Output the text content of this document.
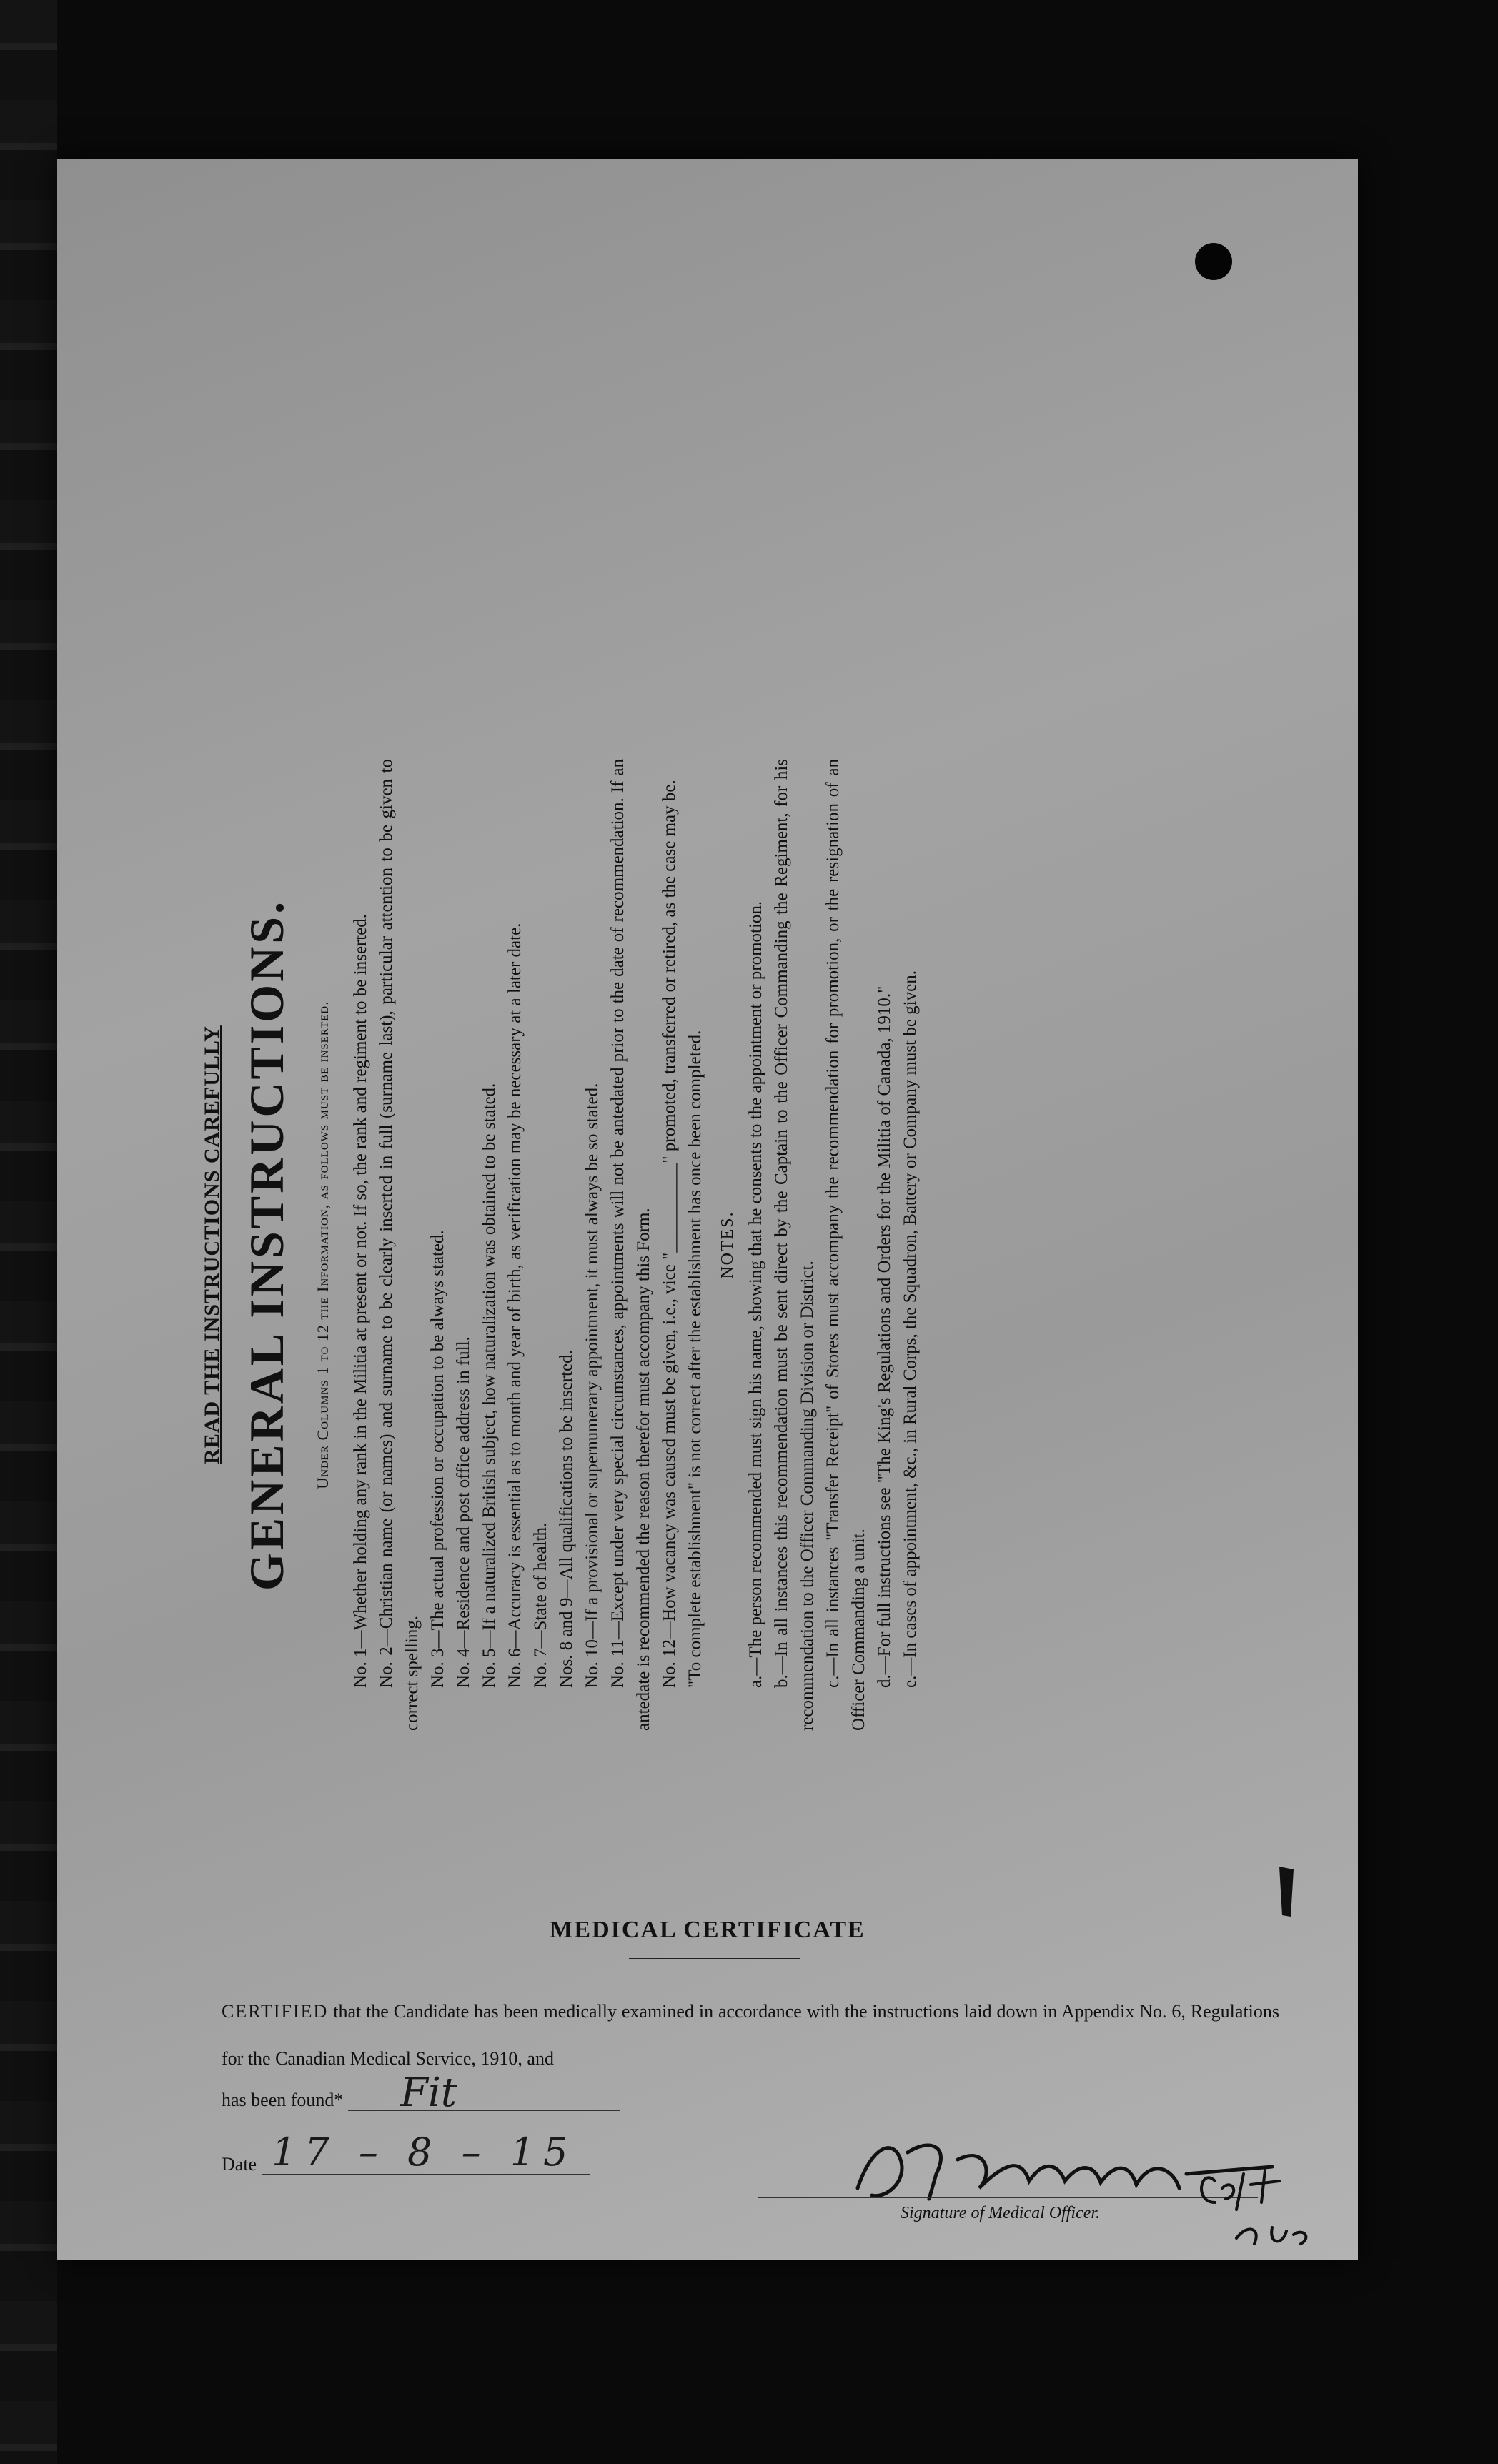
READ THE INSTRUCTIONS CAREFULLY GENERAL INSTRUCTIONS. Under Columns 1 to 12 the Information, as follows must be inserted. No. 1—Whether holding any rank in the Militia at present or not. If so, the rank and regiment to be inserted. No. 2—Christian name (or names) and surname to be clearly inserted in full (surname last), particular attention to be given to correct spelling. No. 3—The actual profession or occupation to be always stated. No. 4—Residence and post office address in full. No. 5—If a naturalized British subject, how naturalization was obtained to be stated. No. 6—Accuracy is essential as to month and year of birth, as verification may be necessary at a later date. No. 7—State of health. Nos. 8 and 9—All qualifications to be inserted. No. 10—If a provisional or supernumerary appointment, it must always be so stated. No. 11—Except under very special circumstances, appointments will not be antedated prior to the date of recommendation. If an antedate is recommended the reason therefor must accompany this Form. No. 12—How vacancy was caused must be given, i.e., vice "__________" promoted, transferred or retired, as the case may be. "To complete establishment" is not correct after the establishment has once been completed. NOTES. a.—The person recommended must sign his name, showing that he consents to the appointment or promotion. b.—In all instances this recommendation must be sent direct by the Captain to the Officer Commanding the Regiment, for his recommendation to the Officer Commanding Division or District. c.—In all instances "Transfer Receipt" of Stores must accompany the recommendation for promotion, or the resignation of an Officer Commanding a unit. d.—For full instructions see "The King's Regulations and Orders for the Militia of Canada, 1910." e.—In cases of appointment, &c., in Rural Corps, the Squadron, Battery or Company must be given.

MEDICAL CERTIFICATE
CERTIFIED that the Candidate has been medically examined in accordance with the instructions laid down in Appendix No. 6, Regulations for the Canadian Medical Service, 1910, and
has been found*	Fit
Date 17 – 8 – 15
Signature of Medical Officer.
